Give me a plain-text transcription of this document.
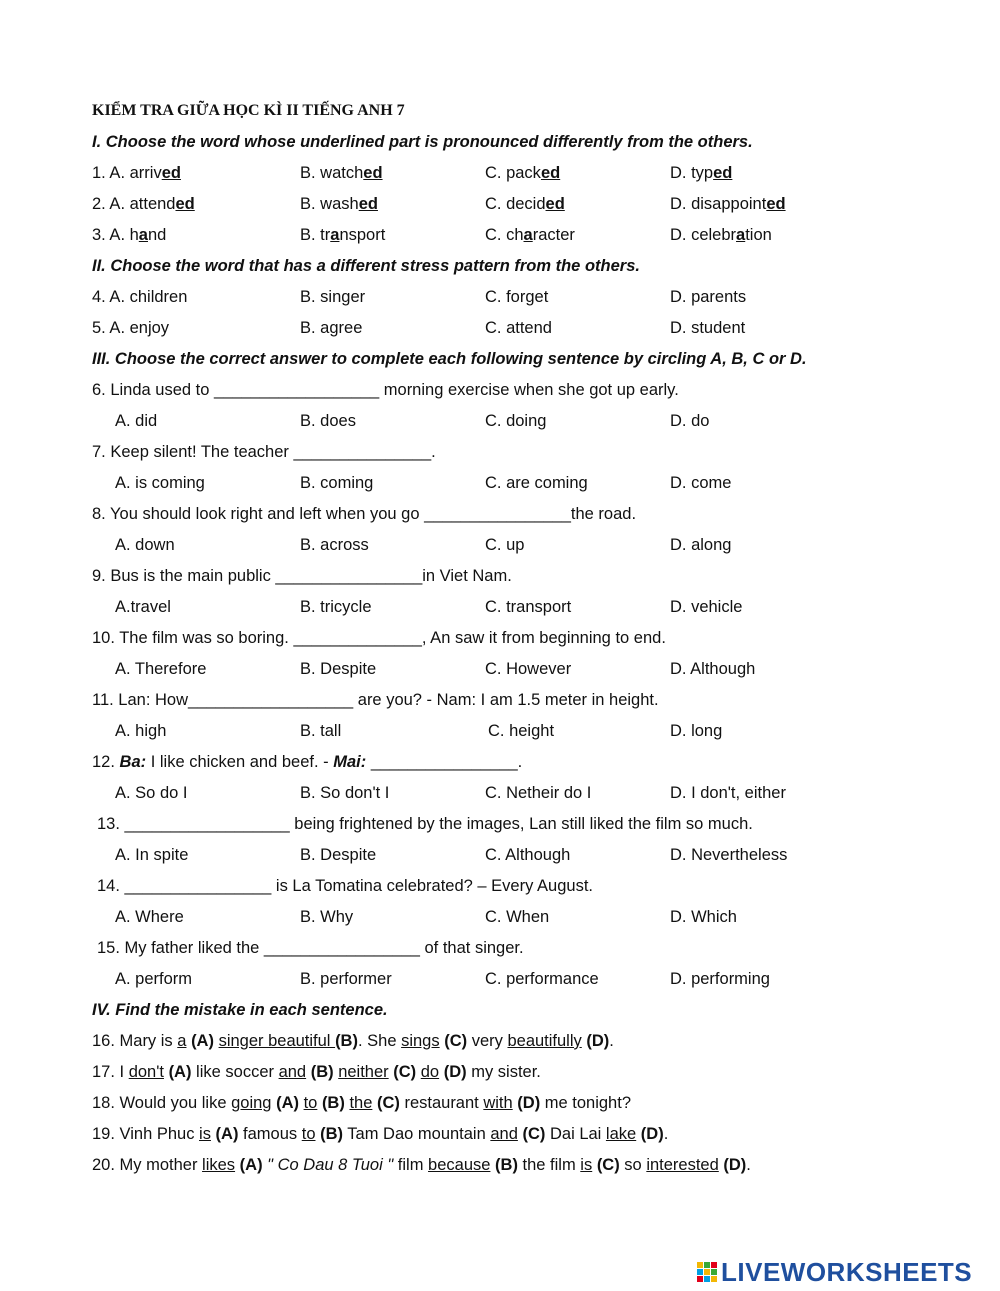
KIỂM TRA GIỮA HỌC KÌ II TIẾNG ANH 7
I. Choose the word whose underlined part is pronounced differently from the others.
1. A. arrived	B. watched	C. packed	D. typed
2. A. attended	B. washed	C. decided	D. disappointed
3. A. hand	B. transport	C. character	D. celebration
II. Choose the word that has a different stress pattern from the others.
4. A. children	B. singer	C. forget	D. parents
5. A. enjoy	B. agree	C. attend	D. student
III. Choose the correct answer to complete each following sentence by circling A, B, C or D.
6. Linda used to __________________ morning exercise when she got up early.
A. did	B. does	C. doing	D. do
7. Keep silent! The teacher _______________.
A. is coming	B. coming	C. are coming	D. come
8. You should look right and left when you go ________________the road.
A. down	B. across	C. up	D. along
9. Bus is the main public ________________in Viet Nam.
A.travel	B. tricycle	C. transport	D. vehicle
10. The film was so boring. ______________, An saw it from beginning to end.
A. Therefore	B. Despite	C. However	D. Although
11. Lan: How__________________ are you? - Nam: I am 1.5 meter in height.
A. high	B. tall	C. height	D. long
12. Ba: I like chicken and beef. - Mai: ________________.
A. So do I	B. So don't I	C. Netheir do I	D. I don't, either
13. __________________ being frightened by the images, Lan still liked the film so much.
A. In spite	B. Despite	C. Although	D. Nevertheless
14. ________________ is La Tomatina celebrated? – Every August.
A. Where	B. Why	C. When	D. Which
15. My father liked the _________________ of that singer.
A. perform	B. performer	C. performance	D. performing
IV. Find the mistake in each sentence.
16. Mary is a (A) singer beautiful (B). She sings (C) very beautifully (D).
17. I don't (A) like soccer and (B) neither (C) do (D) my sister.
18. Would you like going (A) to (B) the (C) restaurant with (D) me tonight?
19. Vinh Phuc is (A) famous to (B) Tam Dao mountain and (C) Dai Lai lake (D).
20. My mother likes (A) " Co Dau 8 Tuoi " film because (B) the film is (C) so interested (D).
LIVEWORKSHEETS
